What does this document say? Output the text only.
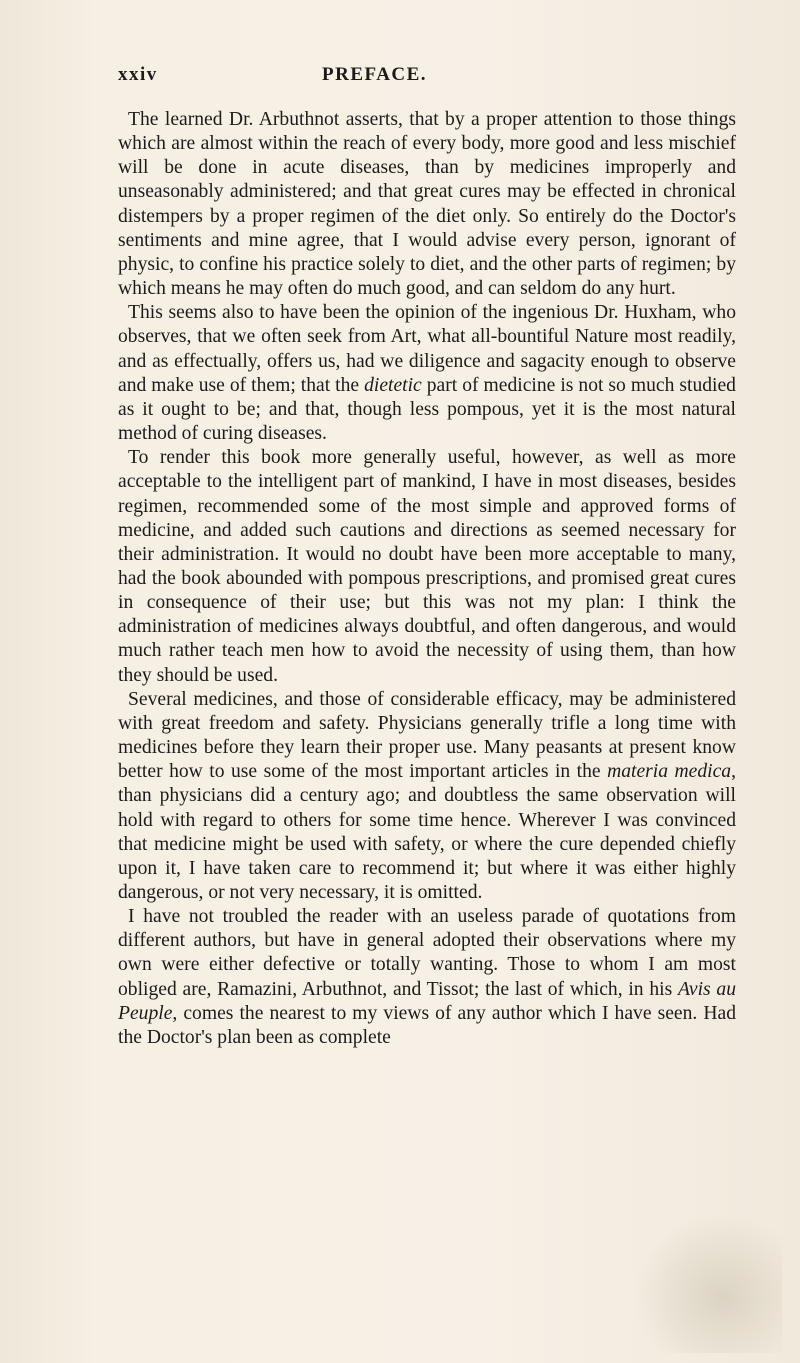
xxiv	PREFACE.

The learned Dr. Arbuthnot asserts, that by a proper attention to those things which are almost within the reach of every body, more good and less mischief will be done in acute diseases, than by medicines improperly and unseasonably administered; and that great cures may be effected in chronical distempers by a proper regimen of the diet only. So entirely do the Doctor's sentiments and mine agree, that I would advise every person, ignorant of physic, to confine his practice solely to diet, and the other parts of regimen; by which means he may often do much good, and can seldom do any hurt.

This seems also to have been the opinion of the ingenious Dr. Huxham, who observes, that we often seek from Art, what all-bountiful Nature most readily, and as effectually, offers us, had we diligence and sagacity enough to observe and make use of them; that the dietetic part of medicine is not so much studied as it ought to be; and that, though less pompous, yet it is the most natural method of curing diseases.

To render this book more generally useful, however, as well as more acceptable to the intelligent part of mankind, I have in most diseases, besides regimen, recommended some of the most simple and approved forms of medicine, and added such cautions and directions as seemed necessary for their administration. It would no doubt have been more acceptable to many, had the book abounded with pompous prescriptions, and promised great cures in consequence of their use; but this was not my plan: I think the administration of medicines always doubtful, and often dangerous, and would much rather teach men how to avoid the necessity of using them, than how they should be used.

Several medicines, and those of considerable efficacy, may be administered with great freedom and safety. Physicians generally trifle a long time with medicines before they learn their proper use. Many peasants at present know better how to use some of the most important articles in the materia medica, than physicians did a century ago; and doubtless the same observation will hold with regard to others for some time hence. Wherever I was convinced that medicine might be used with safety, or where the cure depended chiefly upon it, I have taken care to recommend it; but where it was either highly dangerous, or not very necessary, it is omitted.

I have not troubled the reader with an useless parade of quotations from different authors, but have in general adopted their observations where my own were either defective or totally wanting. Those to whom I am most obliged are, Ramazini, Arbuthnot, and Tissot; the last of which, in his Avis au Peuple, comes the nearest to my views of any author which I have seen. Had the Doctor's plan been as complete
